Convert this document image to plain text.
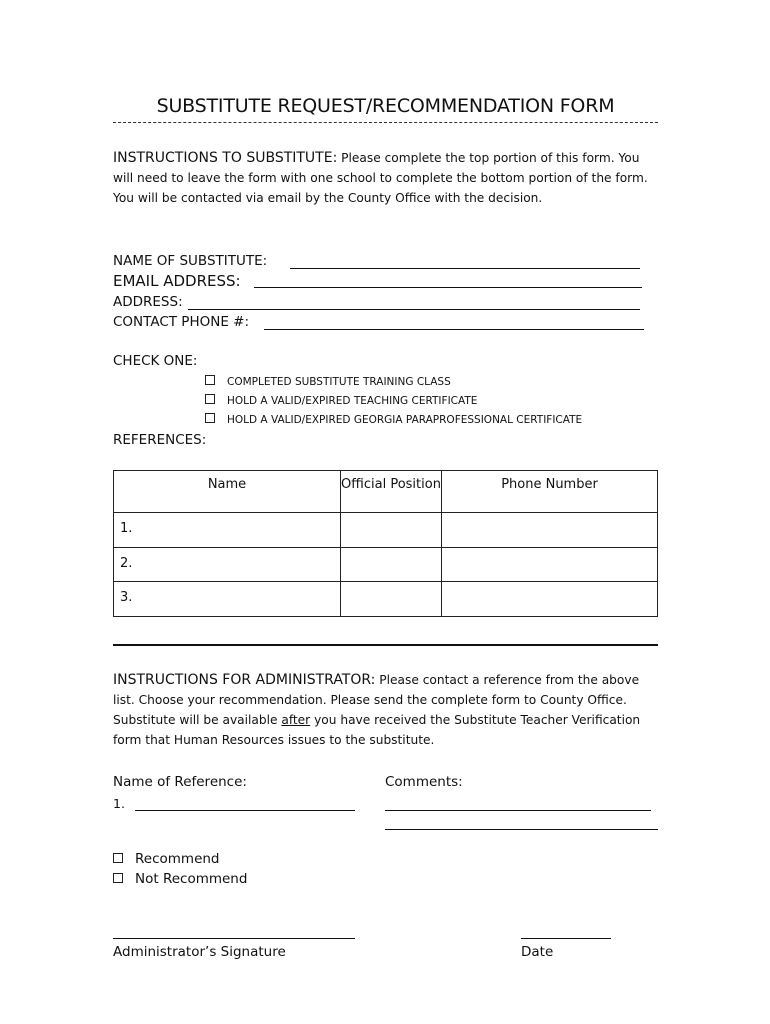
SUBSTITUTE REQUEST/RECOMMENDATION FORM
INSTRUCTIONS TO SUBSTITUTE: Please complete the top portion of this form. You will need to leave the form with one school to complete the bottom portion of the form. You will be contacted via email by the County Office with the decision.
NAME OF SUBSTITUTE:
EMAIL ADDRESS:
ADDRESS:
CONTACT PHONE #:
CHECK ONE:
COMPLETED SUBSTITUTE TRAINING CLASS
HOLD A VALID/EXPIRED TEACHING CERTIFICATE
HOLD A VALID/EXPIRED GEORGIA PARAPROFESSIONAL CERTIFICATE
REFERENCES:
Name	Official Position	Phone Number
1.		
2.		
3.		
INSTRUCTIONS FOR ADMINISTRATOR: Please contact a reference from the above list. Choose your recommendation. Please send the complete form to County Office. Substitute will be available after you have received the Substitute Teacher Verification form that Human Resources issues to the substitute.
Name of Reference:	Comments:
1.
Recommend
Not Recommend
Administrator’s Signature	Date
